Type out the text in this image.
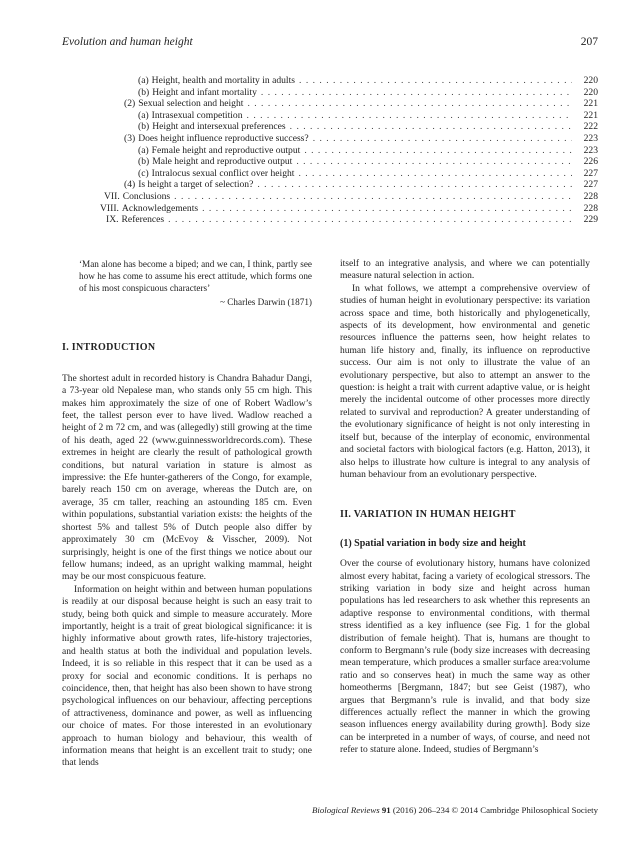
Evolution and human height	207
(a) Height, health and mortality in adults . . .	220
(b) Height and infant mortality . . .	220
(2) Sexual selection and height . . .	221
(a) Intrasexual competition . . .	221
(b) Height and intersexual preferences . . .	222
(3) Does height influence reproductive success? . . .	223
(a) Female height and reproductive output . . .	223
(b) Male height and reproductive output . . .	226
(c) Intralocus sexual conflict over height . . .	227
(4) Is height a target of selection? . . .	227
VII. Conclusions . . .	228
VIII. Acknowledgements . . .	228
IX. References . . .	229
‘Man alone has become a biped; and we can, I think, partly see how he has come to assume his erect attitude, which forms one of his most conspicuous characters’
~ Charles Darwin (1871)
I. INTRODUCTION

The shortest adult in recorded history is Chandra Bahadur Dangi, a 73-year old Nepalese man, who stands only 55 cm high. This makes him approximately the size of one of Robert Wadlow’s feet, the tallest person ever to have lived. Wadlow reached a height of 2 m 72 cm, and was (allegedly) still growing at the time of his death, aged 22 (www.guinnessworldrecords.com). These extremes in height are clearly the result of pathological growth conditions, but natural variation in stature is almost as impressive: the Efe hunter-gatherers of the Congo, for example, barely reach 150 cm on average, whereas the Dutch are, on average, 35 cm taller, reaching an astounding 185 cm. Even within populations, substantial variation exists: the heights of the shortest 5% and tallest 5% of Dutch people also differ by approximately 30 cm (McEvoy & Visscher, 2009). Not surprisingly, height is one of the first things we notice about our fellow humans; indeed, as an upright walking mammal, height may be our most conspicuous feature.

Information on height within and between human populations is readily at our disposal because height is such an easy trait to study, being both quick and simple to measure accurately. More importantly, height is a trait of great biological significance: it is highly informative about growth rates, life-history trajectories, and health status at both the individual and population levels. Indeed, it is so reliable in this respect that it can be used as a proxy for social and economic conditions. It is perhaps no coincidence, then, that height has also been shown to have strong psychological influences on our behaviour, affecting perceptions of attractiveness, dominance and power, as well as influencing our choice of mates. For those interested in an evolutionary approach to human biology and behaviour, this wealth of information means that height is an excellent trait to study; one that lends

itself to an integrative analysis, and where we can potentially measure natural selection in action.

In what follows, we attempt a comprehensive overview of studies of human height in evolutionary perspective: its variation across space and time, both historically and phylogenetically, aspects of its development, how environmental and genetic resources influence the patterns seen, how height relates to human life history and, finally, its influence on reproductive success. Our aim is not only to illustrate the value of an evolutionary perspective, but also to attempt an answer to the question: is height a trait with current adaptive value, or is height merely the incidental outcome of other processes more directly related to survival and reproduction? A greater understanding of the evolutionary significance of height is not only interesting in itself but, because of the interplay of economic, environmental and societal factors with biological factors (e.g. Hatton, 2013), it also helps to illustrate how culture is integral to any analysis of human behaviour from an evolutionary perspective.

II. VARIATION IN HUMAN HEIGHT
(1) Spatial variation in body size and height

Over the course of evolutionary history, humans have colonized almost every habitat, facing a variety of ecological stressors. The striking variation in body size and height across human populations has led researchers to ask whether this represents an adaptive response to environmental conditions, with thermal stress identified as a key influence (see Fig. 1 for the global distribution of female height). That is, humans are thought to conform to Bergmann’s rule (body size increases with decreasing mean temperature, which produces a smaller surface area:volume ratio and so conserves heat) in much the same way as other homeotherms [Bergmann, 1847; but see Geist (1987), who argues that Bergmann’s rule is invalid, and that body size differences actually reflect the manner in which the growing season influences energy availability during growth]. Body size can be interpreted in a number of ways, of course, and need not refer to stature alone. Indeed, studies of Bergmann’s

Biological Reviews 91 (2016) 206–234 © 2014 Cambridge Philosophical Society
